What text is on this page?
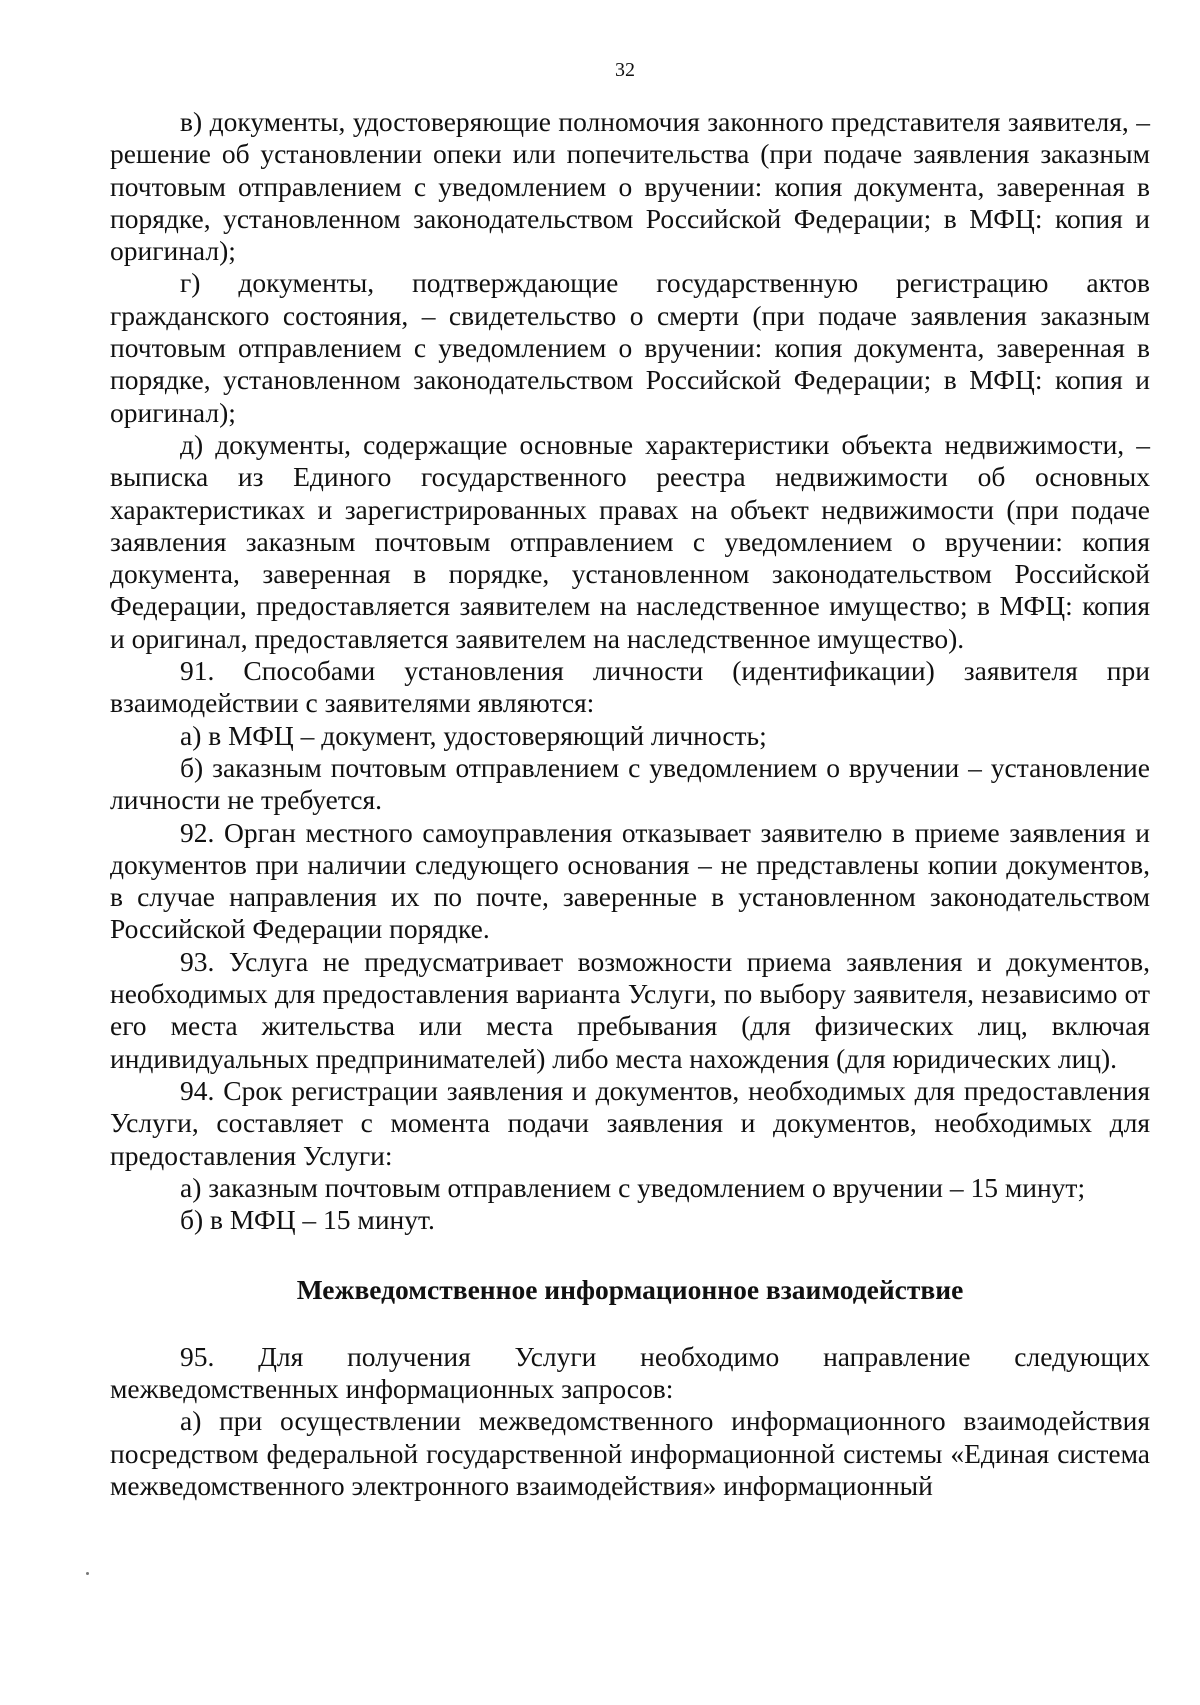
32

в) документы, удостоверяющие полномочия законного представителя заявителя, – решение об установлении опеки или попечительства (при подаче заявления заказным почтовым отправлением с уведомлением о вручении: копия документа, заверенная в порядке, установленном законодательством Российской Федерации; в МФЦ: копия и оригинал);

г) документы, подтверждающие государственную регистрацию актов гражданского состояния, – свидетельство о смерти (при подаче заявления заказным почтовым отправлением с уведомлением о вручении: копия документа, заверенная в порядке, установленном законодательством Российской Федерации; в МФЦ: копия и оригинал);

д) документы, содержащие основные характеристики объекта недвижимости, – выписка из Единого государственного реестра недвижимости об основных характеристиках и зарегистрированных правах на объект недвижимости (при подаче заявления заказным почтовым отправлением с уведомлением о вручении: копия документа, заверенная в порядке, установленном законодательством Российской Федерации, предоставляется заявителем на наследственное имущество; в МФЦ: копия и оригинал, предоставляется заявителем на наследственное имущество).

91. Способами установления личности (идентификации) заявителя при взаимодействии с заявителями являются:

а) в МФЦ – документ, удостоверяющий личность;

б) заказным почтовым отправлением с уведомлением о вручении – установление личности не требуется.

92. Орган местного самоуправления отказывает заявителю в приеме заявления и документов при наличии следующего основания – не представлены копии документов, в случае направления их по почте, заверенные в установленном законодательством Российской Федерации порядке.

93. Услуга не предусматривает возможности приема заявления и документов, необходимых для предоставления варианта Услуги, по выбору заявителя, независимо от его места жительства или места пребывания (для физических лиц, включая индивидуальных предпринимателей) либо места нахождения (для юридических лиц).

94. Срок регистрации заявления и документов, необходимых для предоставления Услуги, составляет с момента подачи заявления и документов, необходимых для предоставления Услуги:

а) заказным почтовым отправлением с уведомлением о вручении – 15 минут;

б) в МФЦ – 15 минут.

Межведомственное информационное взаимодействие

95. Для получения Услуги необходимо направление следующих межведомственных информационных запросов:

а) при осуществлении межведомственного информационного взаимодействия посредством федеральной государственной информационной системы «Единая система межведомственного электронного взаимодействия» информационный
